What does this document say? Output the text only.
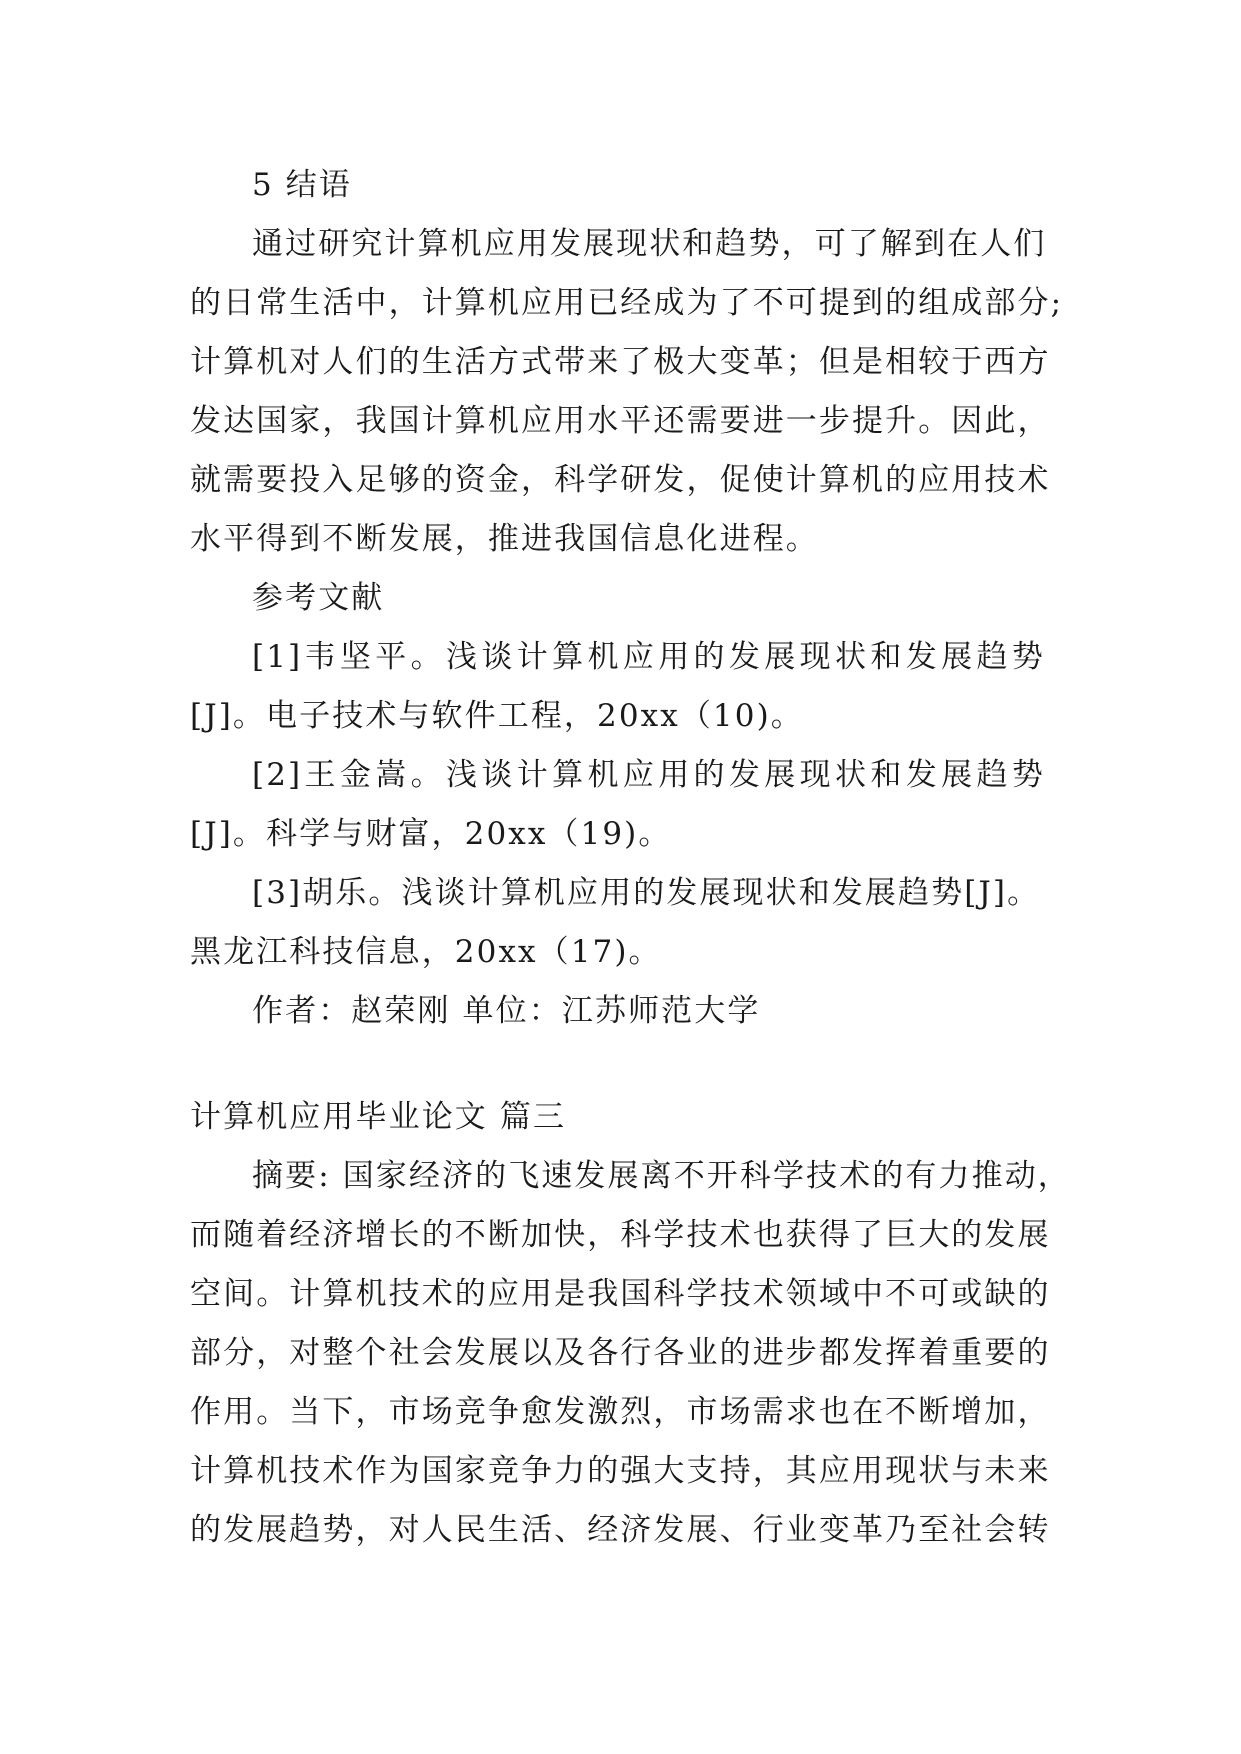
5 结语
通过研究计算机应用发展现状和趋势，可了解到在人们
的日常生活中，计算机应用已经成为了不可提到的组成部分;
计算机对人们的生活方式带来了极大变革；但是相较于西方
发达国家，我国计算机应用水平还需要进一步提升。因此，
就需要投入足够的资金，科学研发，促使计算机的应用技术
水平得到不断发展，推进我国信息化进程。
参考文献
[1]韦坚平。浅谈计算机应用的发展现状和发展趋势
[J]。电子技术与软件工程，20xx（10)。
[2]王金嵩。浅谈计算机应用的发展现状和发展趋势
[J]。科学与财富，20xx（19)。
[3]胡乐。浅谈计算机应用的发展现状和发展趋势[J]。
黑龙江科技信息，20xx（17)。
作者：赵荣刚 单位：江苏师范大学
计算机应用毕业论文 篇三
摘要: 国家经济的飞速发展离不开科学技术的有力推动，
而随着经济增长的不断加快，科学技术也获得了巨大的发展
空间。计算机技术的应用是我国科学技术领域中不可或缺的
部分，对整个社会发展以及各行各业的进步都发挥着重要的
作用。当下，市场竞争愈发激烈，市场需求也在不断增加，
计算机技术作为国家竞争力的强大支持，其应用现状与未来
的发展趋势，对人民生活、经济发展、行业变革乃至社会转
